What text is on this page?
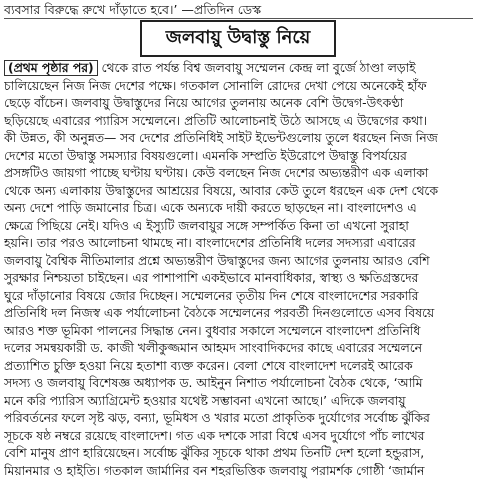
ব্যবসার বিরুদ্ধে রুখে দাঁড়াতে হবে।’ —প্রতিদিন ডেস্ক
জলবায়ু উদ্বাস্তু নিয়ে
(প্রথম পৃষ্ঠার পর) থেকে রাত পর্যন্ত বিশ্ব জলবায়ু সম্মেলন কেন্দ্র লা বুর্জে ঠাণ্ডা লড়াই
চালিয়েছেন নিজ নিজ দেশের পক্ষে। গতকাল সোনালি রোদের দেখা পেয়ে অনেকেই হাঁফ
ছেড়ে বাঁচেন। জলবায়ু উদ্বাস্তুদের নিয়ে আগের তুলনায় অনেক বেশি উদ্বেগ-উৎকণ্ঠা
ছড়িয়েছে এবারের প্যারিস সম্মেলনে। প্রতিটি আলোচনাই উঠে আসছে এ উদ্বেগের কথা।
কী উন্নত, কী অনুন্নত— সব দেশের প্রতিনিধিই সাইট ইভেন্টগুলোয় তুলে ধরছেন নিজ নিজ
দেশের মতো উদ্বাস্তু সমস্যার বিষয়গুলো। এমনকি সম্প্রতি ইউরোপে উদ্বাস্তু বিপর্যয়ের
প্রসঙ্গটিও জায়গা পাচ্ছে ঘণ্টায় ঘণ্টায়। কেউ বলছেন নিজ দেশের অভ্যন্তরীণ এক এলাকা
থেকে অন্য এলাকায় উদ্বাস্তুদের আশ্রয়ের বিষয়ে, আবার কেউ তুলে ধরছেন এক দেশ থেকে
অন্য দেশে পাড়ি জমানোর চিত্র। একে অন্যকে দায়ী করতে ছাড়ছেন না। বাংলাদেশও এ
ক্ষেত্রে পিছিয়ে নেই। যদিও এ ইস্যুটি জলবায়ুর সঙ্গে সম্পর্কিত কিনা তা এখনো সুরাহা
হয়নি। তার পরও আলোচনা থামছে না। বাংলাদেশের প্রতিনিধি দলের সদস্যরা এবারের
জলবায়ু বৈশ্বিক নীতিমালার প্রশ্নে অভ্যন্তরীণ উদ্বাস্তুদের জন্য আগের তুলনায় আরও বেশি
সুরক্ষার নিশ্চয়তা চাইছেন। এর পাশাপাশি একইভাবে মানবাধিকার, স্বাস্থ্য ও ক্ষতিগ্রস্তদের
ঘুরে দাঁড়ানোর বিষয়ে জোর দিচ্ছেন। সম্মেলনের তৃতীয় দিন শেষে বাংলাদেশের সরকারি
প্রতিনিধি দল নিজস্ব এক পর্যালোচনা বৈঠকে সম্মেলনের পরবর্তী দিনগুলোতে এসব বিষয়ে
আরও শক্ত ভূমিকা পালনের সিদ্ধান্ত নেন। বুধবার সকালে সম্মেলনে বাংলাদেশ প্রতিনিধি
দলের সমন্বয়কারী ড. কাজী খলীকুজ্জমান আহমদ সাংবাদিকদের কাছে এবারের সম্মেলনে
প্রত্যাশিত চুক্তি হওয়া নিয়ে হতাশা ব্যক্ত করেন। বেলা শেষে বাংলাদেশ দলেরই আরেক
সদস্য ও জলবায়ু বিশেষজ্ঞ অধ্যাপক ড. আইনুন নিশাত পর্যালোচনা বৈঠক থেকে, ‘আমি
মনে করি প্যারিস অ্যাগ্রিমেন্ট হওয়ার যথেষ্ট সম্ভাবনা এখনো আছে।’ এদিকে জলবায়ু
পরিবর্তনের ফলে সৃষ্ট ঝড়, বন্যা, ভূমিধস ও খরার মতো প্রাকৃতিক দুর্যোগের সর্বোচ্চ ঝুঁকির
সূচকে ষষ্ঠ নম্বরে রয়েছে বাংলাদেশ। গত এক দশকে সারা বিশ্বে এসব দুর্যোগে পাঁচ লাখের
বেশি মানুষ প্রাণ হারিয়েছেন। সর্বোচ্চ ঝুঁকির সূচকে থাকা প্রথম তিনটি দেশ হলো হন্ডুরাস,
মিয়ানমার ও হাইতি। গতকাল জার্মানির বন শহরভিত্তিক জলবায়ু পরামর্শক গোষ্ঠী ‘জার্মান
